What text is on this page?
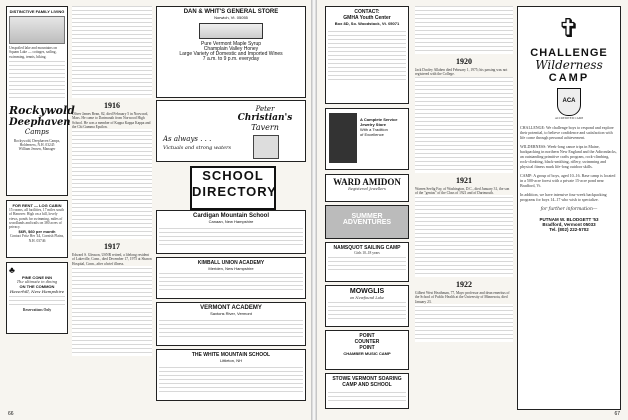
DISTINCTIVE FAMILY LIVING
Unspoiled lake and mountains on Squam Lake — cottages, sailing, swimming, tennis, hiking.
Rockywold
Deephaven
Camps
Rockywold, Deephaven Camps, Holderness, N.H. 03245
William Jensen, Manager
FOR RENT — LOG CABIN
15 rooms, all facilities, 17 miles south of Hanover. High on a hill, lovely views, ponds for swimming, miles of woodlands and trails on 380 acres of privacy.
$6R, $60 per month
Contact Fritz Her '44, Cornish Plains, N.H. 03746
♣
PINE CONE INN
The ultimate in dining
ON THE COMMON
Haverhill, New Hampshire
Reservations Only
1916
Oliver James Bean, 82, died February 5 in Norwood, Mass. He came to Dartmouth from Norwood High School. He was a member of Kappa Kappa Kappa and the Chi Gamma Epsilon.
1917
Edward S. Gleason, USNR retired, a lifelong resident of Lakeville, Conn., died December 17, 1975 at Sharon Hospital, Conn., after a brief illness.
DAN & WHIT'S GENERAL STORE
Norwich, Vt. 05055
Pure Vermont Maple Syrup
Champlain Valley Honey
Large Variety of Domestic and Imported Wines
7 a.m. to 9 p.m. everyday
Peter
Christian's
Tavern
As always . . .
Victuals and strong waters
SCHOOL
DIRECTORY
Cardigan Mountain School
Canaan, New Hampshire
KIMBALL UNION ACADEMY
Meriden, New Hampshire
VERMONT ACADEMY
Saxtons River, Vermont
THE WHITE MOUNTAIN SCHOOL
Littleton, NH
66
CONTACT:
GMHA Youth Center
Box 8D, So. Woodstock, Vt. 05071
A Complete Service
Jewelry Store
With a Tradition
of Excellence
WARD AMIDON
Registered Jewellers
SUMMER
ADVENTURES
NAMSQUOT SAILING CAMP
Girls 10–18 years
MOWGLIS
on Newfound Lake
POINT
COUNTER
POINT
CHAMBER MUSIC CAMP
STOWE VERMONT SOARING CAMP AND SCHOOL
1920
Jack Dooley Allaben died February 1, 1975; his passing was not registered with the College.
1921
Warren Seelig Fay, of Washington, D.C., died January 31, the son of the "genius" of the Class of 1921 and of Dartmouth.
1922
Gilbert West Heathman, 77, Mayo professor and dean emeritus of the School of Public Health at the University of Minnesota, died January 23.
✞
CHALLENGE
Wilderness
CAMP
ACA
ACCREDITED CAMP
CHALLENGE: We challenge boys to respond and explore their potential, to believe confidence and satisfaction with life come through personal achievement.
WILDERNESS: Week-long canoe trips in Maine, backpacking in northern New England and the Adirondacks, an outstanding primitive crafts program, rock-climbing, rock-climbing, black-smithing, riflery, swimming and physical fitness mark life-long outdoor skills.
CAMP: A group of boys, aged 10–16. Base camp is located in a 500-acre forest with a private 15-acre pond near Bradford, Vt.
In addition, we have intensive four-week backpacking programs for boys 14–17 who wish to specialize.
for further information—
PUTNAM W. BLODGETT '53
Bradford, Vermont 05033
Tel. (802) 222-5702
67
